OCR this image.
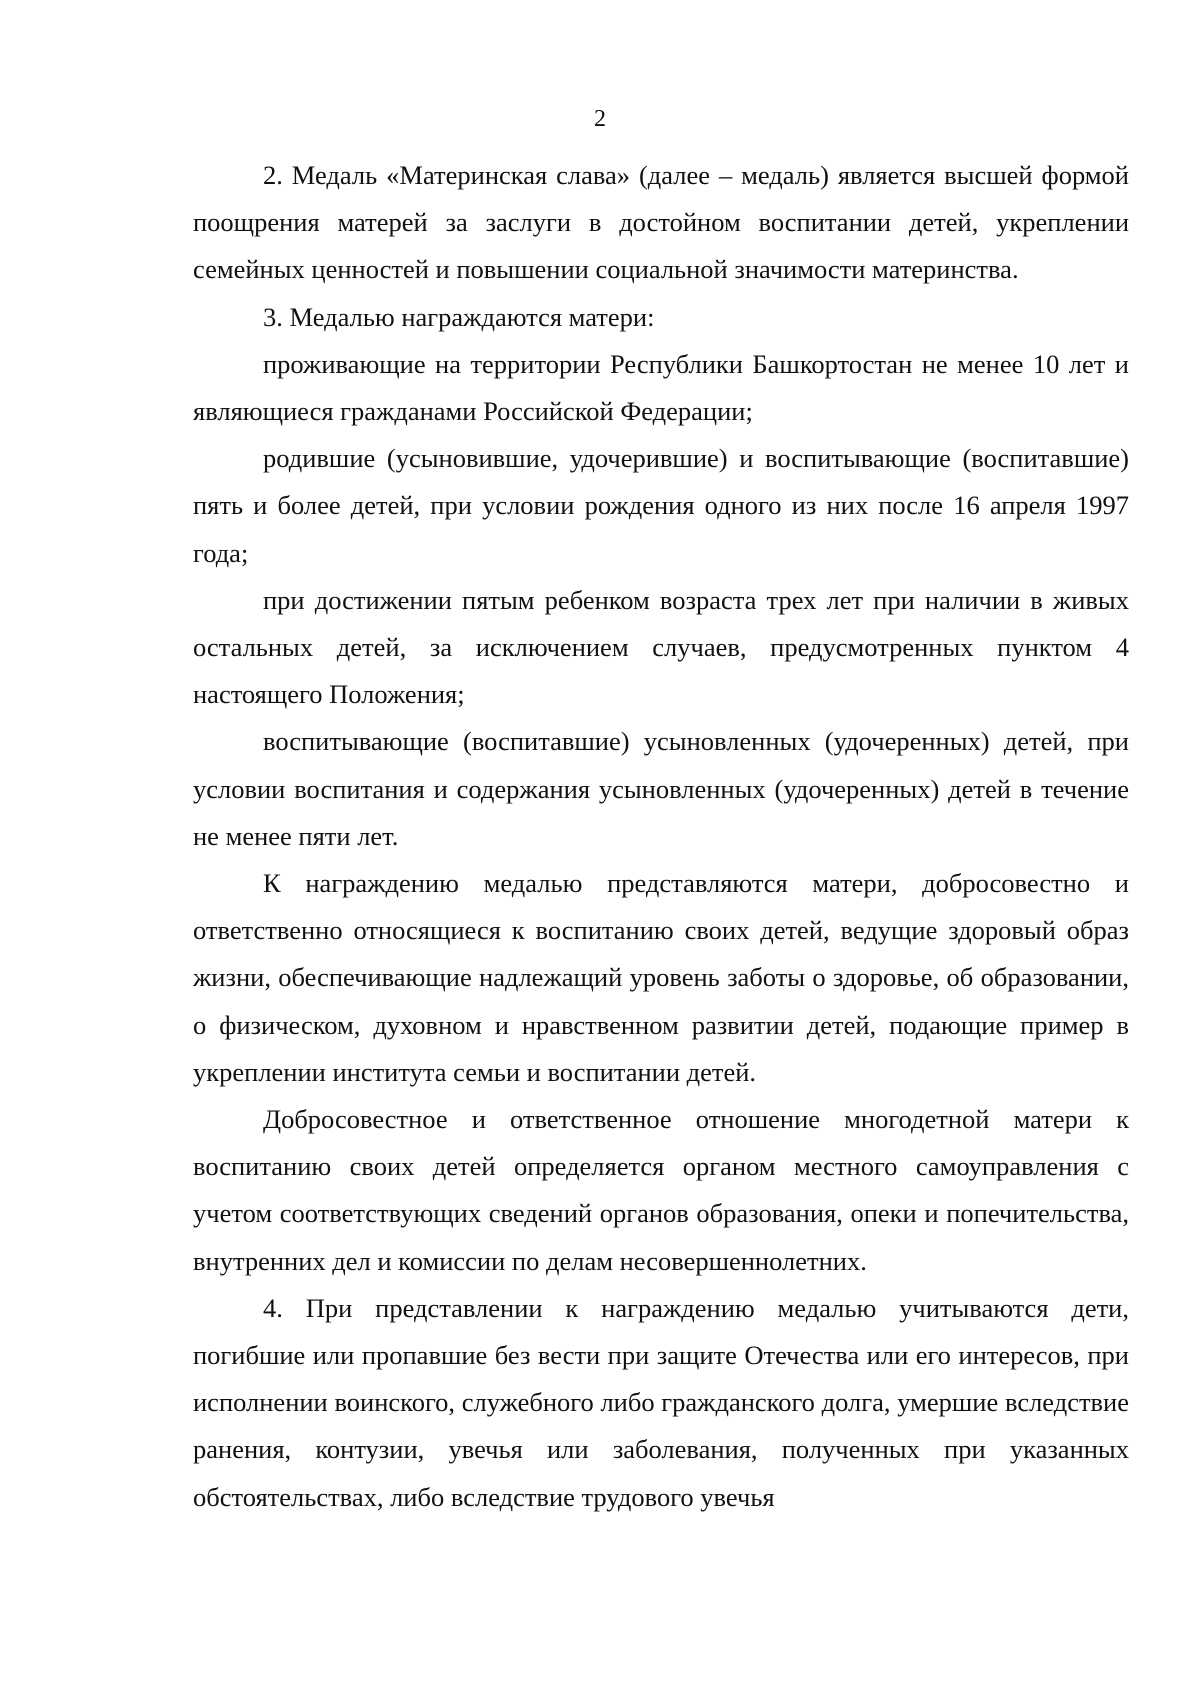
2

2. Медаль «Материнская слава» (далее – медаль) является высшей формой поощрения матерей за заслуги в достойном воспитании детей, укреплении семейных ценностей и повышении социальной значимости материнства.

3. Медалью награждаются матери:

проживающие на территории Республики Башкортостан не менее 10 лет и являющиеся гражданами Российской Федерации;

родившие (усыновившие, удочерившие) и воспитывающие (воспитавшие) пять и более детей, при условии рождения одного из них после 16 апреля 1997 года;

при достижении пятым ребенком возраста трех лет при наличии в живых остальных детей, за исключением случаев, предусмотренных пунктом 4 настоящего Положения;

воспитывающие (воспитавшие) усыновленных (удочеренных) детей, при условии воспитания и содержания усыновленных (удочеренных) детей в течение не менее пяти лет.

К награждению медалью представляются матери, добросовестно и ответственно относящиеся к воспитанию своих детей, ведущие здоровый образ жизни, обеспечивающие надлежащий уровень заботы о здоровье, об образовании, о физическом, духовном и нравственном развитии детей, подающие пример в укреплении института семьи и воспитании детей.

Добросовестное и ответственное отношение многодетной матери к воспитанию своих детей определяется органом местного самоуправления с учетом соответствующих сведений органов образования, опеки и попечительства, внутренних дел и комиссии по делам несовершеннолетних.

4. При представлении к награждению медалью учитываются дети, погибшие или пропавшие без вести при защите Отечества или его интересов, при исполнении воинского, служебного либо гражданского долга, умершие вследствие ранения, контузии, увечья или заболевания, полученных при указанных обстоятельствах, либо вследствие трудового увечья
